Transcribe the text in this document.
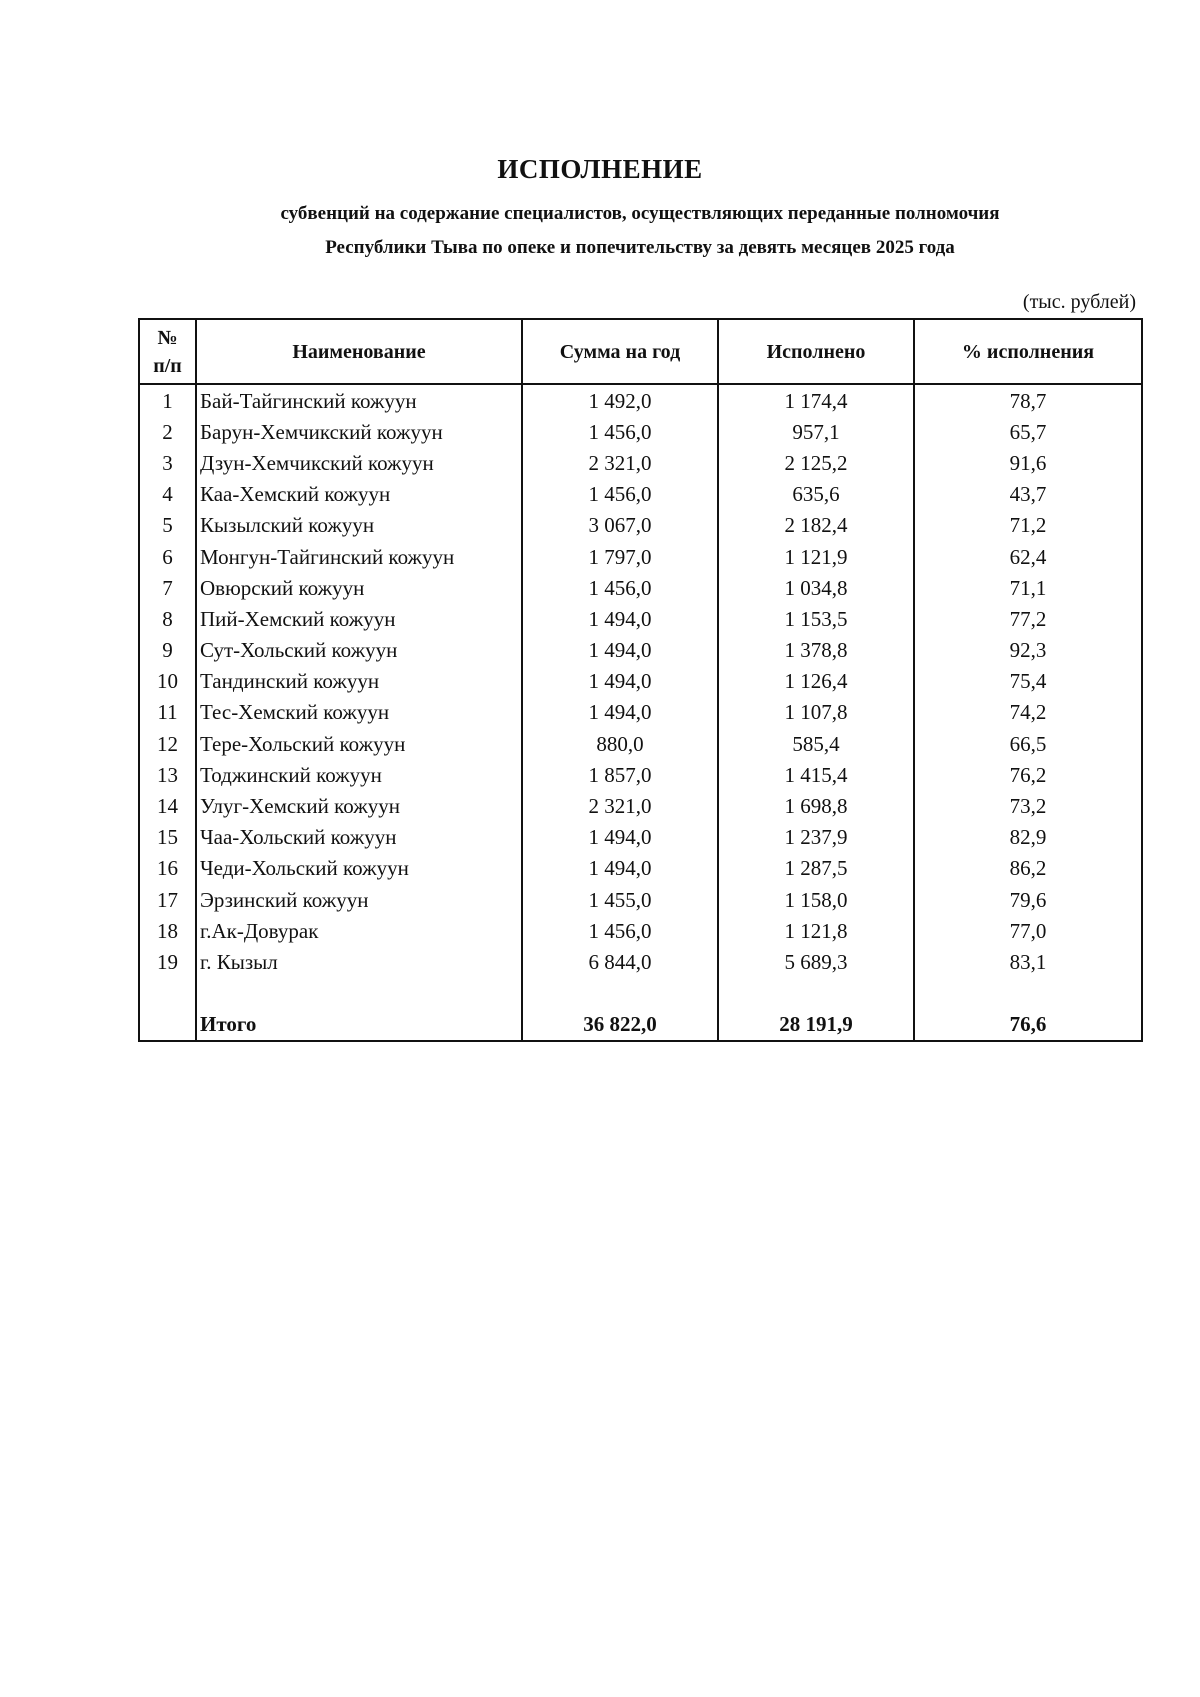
ИСПОЛНЕНИЕ
субвенций на содержание специалистов, осуществляющих переданные полномочия
Республики Тыва по опеке и попечительству за девять месяцев 2025 года
(тыс. рублей)
№
п/п	Наименование	Сумма на год	Исполнено	% исполнения
1	Бай-Тайгинский кожуун	1 492,0	1 174,4	78,7
2	Барун-Хемчикский кожуун	1 456,0	957,1	65,7
3	Дзун-Хемчикский кожуун	2 321,0	2 125,2	91,6
4	Каа-Хемский кожуун	1 456,0	635,6	43,7
5	Кызылский кожуун	3 067,0	2 182,4	71,2
6	Монгун-Тайгинский кожуун	1 797,0	1 121,9	62,4
7	Овюрский кожуун	1 456,0	1 034,8	71,1
8	Пий-Хемский кожуун	1 494,0	1 153,5	77,2
9	Сут-Хольский кожуун	1 494,0	1 378,8	92,3
10	Тандинский кожуун	1 494,0	1 126,4	75,4
11	Тес-Хемский кожуун	1 494,0	1 107,8	74,2
12	Тере-Хольский кожуун	880,0	585,4	66,5
13	Тоджинский кожуун	1 857,0	1 415,4	76,2
14	Улуг-Хемский кожуун	2 321,0	1 698,8	73,2
15	Чаа-Хольский кожуун	1 494,0	1 237,9	82,9
16	Чеди-Хольский кожуун	1 494,0	1 287,5	86,2
17	Эрзинский кожуун	1 455,0	1 158,0	79,6
18	г.Ак-Довурак	1 456,0	1 121,8	77,0
19	г. Кызыл	6 844,0	5 689,3	83,1

	Итого	36 822,0	28 191,9	76,6
